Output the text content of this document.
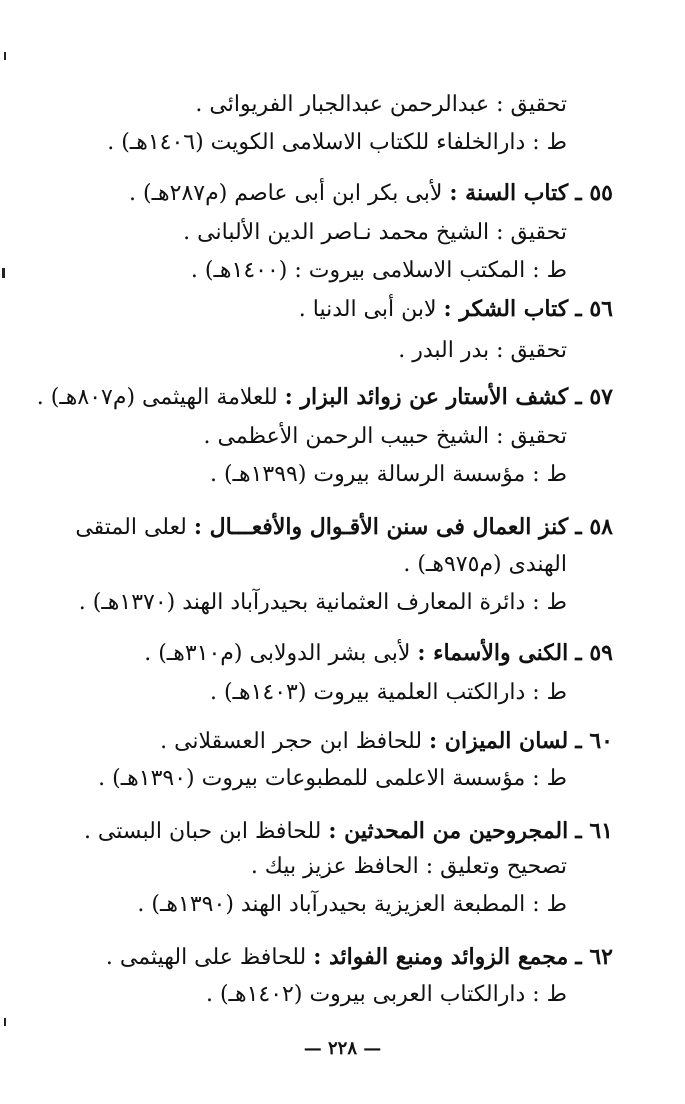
تحقيق : عبدالرحمن عبدالجبار الفريوائى .
ط : دارالخلفاء للكتاب الاسلامى الكويت (١٤٠٦هـ) .
٥٥ ـ كتاب السنة : لأبى بكر ابن أبى عاصم (م٢٨٧هـ) .
تحقيق : الشيخ محمد نـاصر الدين الألبانى .
ط : المكتب الاسلامى بيروت : (١٤٠٠هـ) .
٥٦ ـ كتاب الشكر : لابن أبى الدنيا .
تحقيق : بدر البدر .
٥٧ ـ كشف الأستار عن زوائد البزار : للعلامة الهيثمى (م٨٠٧هـ) .
تحقيق : الشيخ حبيب الرحمن الأعظمى .
ط : مؤسسة الرسالة بيروت (١٣٩٩هـ) .
٥٨ ـ كنز العمال فى سنن الأقـوال والأفعـــال : لعلى المتقى
الهندى (م٩٧٥هـ) .
ط : دائرة المعارف العثمانية بحيدرآباد الهند (١٣٧٠هـ) .
٥٩ ـ الكنى والأسماء : لأبى بشر الدولابى (م٣١٠هـ) .
ط : دارالكتب العلمية بيروت (١٤٠٣هـ) .
٦٠ ـ لسان الميزان : للحافظ ابن حجر العسقلانى .
ط : مؤسسة الاعلمى للمطبوعات بيروت (١٣٩٠هـ) .
٦١ ـ المجروحين من المحدثين : للحافظ ابن حبان البستى .
تصحيح وتعليق : الحافظ عزيز بيك .
ط : المطبعة العزيزية بحيدرآباد الهند (١٣٩٠هـ) .
٦٢ ـ مجمع الزوائد ومنبع الفوائد : للحافظ على الهيثمى .
ط : دارالكتاب العربى بيروت (١٤٠٢هـ) .
— ٢٢٨ —
